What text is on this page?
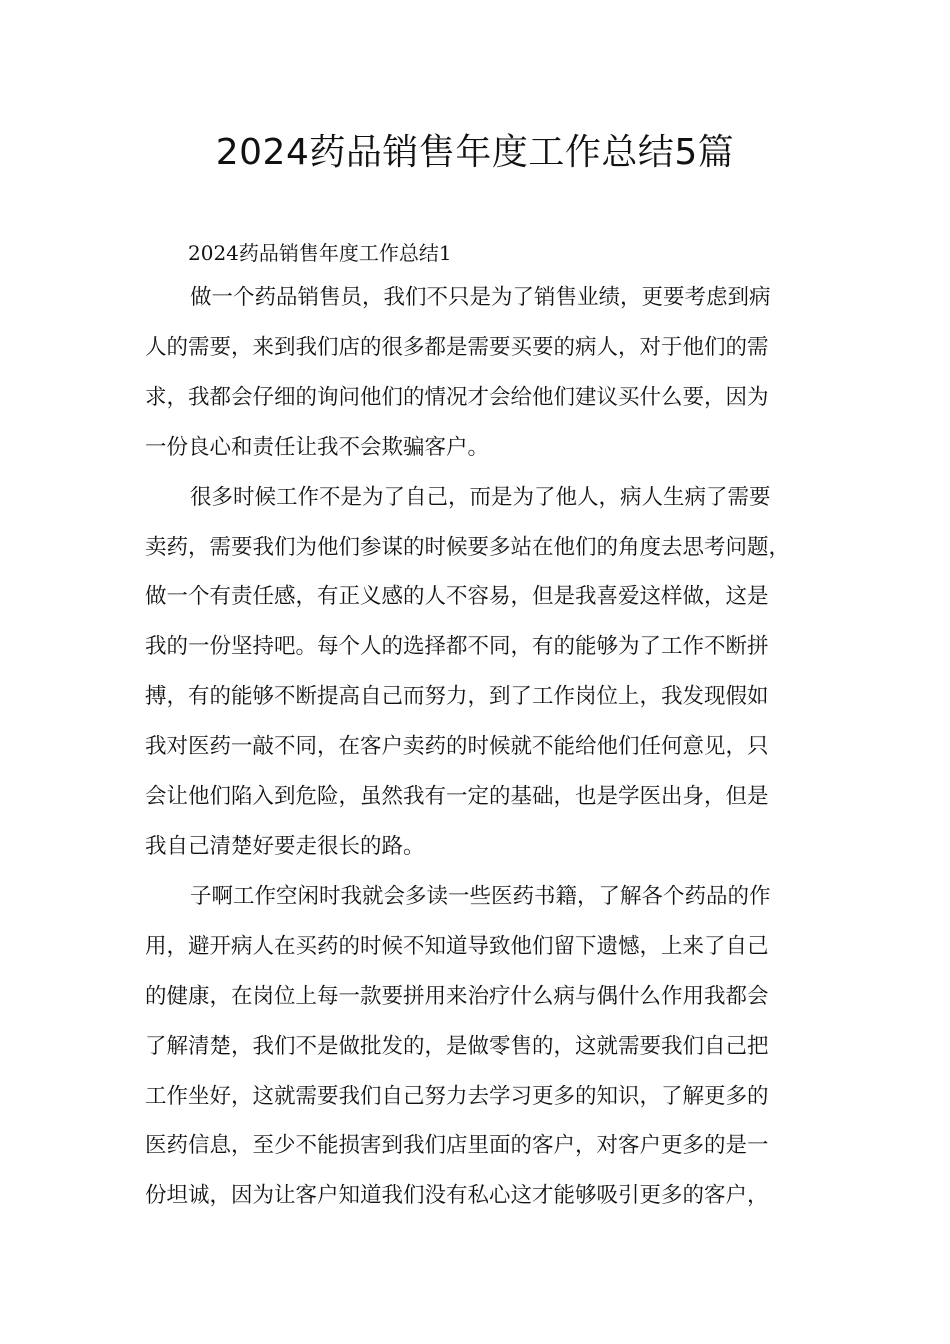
2024药品销售年度工作总结5篇
2024药品销售年度工作总结1
做一个药品销售员，我们不只是为了销售业绩，更要考虑到病
人的需要，来到我们店的很多都是需要买要的病人，对于他们的需
求，我都会仔细的询问他们的情况才会给他们建议买什么要，因为
一份良心和责任让我不会欺骗客户。
很多时候工作不是为了自己，而是为了他人，病人生病了需要
卖药，需要我们为他们参谋的时候要多站在他们的角度去思考问题，
做一个有责任感，有正义感的人不容易，但是我喜爱这样做，这是
我的一份坚持吧。每个人的选择都不同，有的能够为了工作不断拼
搏，有的能够不断提高自己而努力，到了工作岗位上，我发现假如
我对医药一敲不同，在客户卖药的时候就不能给他们任何意见，只
会让他们陷入到危险，虽然我有一定的基础，也是学医出身，但是
我自己清楚好要走很长的路。
子啊工作空闲时我就会多读一些医药书籍，了解各个药品的作
用，避开病人在买药的时候不知道导致他们留下遗憾，上来了自己
的健康，在岗位上每一款要拼用来治疗什么病与偶什么作用我都会
了解清楚，我们不是做批发的，是做零售的，这就需要我们自己把
工作坐好，这就需要我们自己努力去学习更多的知识，了解更多的
医药信息，至少不能损害到我们店里面的客户，对客户更多的是一
份坦诚，因为让客户知道我们没有私心这才能够吸引更多的客户，
